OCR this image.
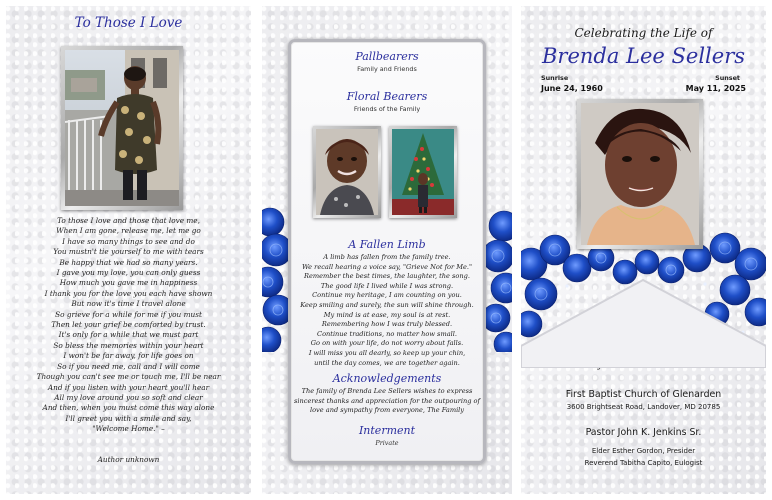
To Those I Love
To those I love and those that love me,
When I am gone, release me, let me go
I have so many things to see and do
You mustn't tie yourself to me with tears
Be happy that we had so many years.
I gave you my love, you can only guess
How much you gave me in happiness
I thank you for the love you each have shown
But now it's time I travel alone
So grieve for a while for me if you must
Then let your grief be comforted by trust.
It's only for a while that we must part
So bless the memories within your heart
I won't be far away, for life goes on
So if you need me, call and I will come
Though you can't see me or touch me, I'll be near
And if you listen with your heart you'll hear
All my love around you so soft and clear
And then, when you must come this way alone
I'll greet you with a smile and say,
"Welcome Home." –
Author unknown
Pallbearers
Family and Friends
Floral Bearers
Friends of the Family
A Fallen Limb
A limb has fallen from the family tree.
We recall hearing a voice say, "Grieve Not for Me."
Remember the best times, the laughter, the song.
The good life I lived while I was strong.
Continue my heritage, I am counting on you.
Keep smiling and surely, the sun will shine through.
My mind is at ease, my soul is at rest.
Remembering how I was truly blessed.
Continue traditions, no matter how small.
Go on with your life, do not worry about falls.
I will miss you all dearly, so keep up your chin,
until the day comes, we are together again.
Acknowledgements
The family of Brenda Lee Sellers wishes to express
sincerest thanks and appreciation for the outpouring of
love and sympathy from everyone, The Family
Interment
Private
Celebrating the Life of
Brenda Lee Sellers
Sunrise
June 24, 1960
Sunset
May 11, 2025
First Baptist Church of Glenarden
3600 Brightseat Road, Landover, MD 20785
Pastor John K. Jenkins Sr.
Elder Esther Gordon, Presider
Reverend Tabitha Capito, Eulogist
